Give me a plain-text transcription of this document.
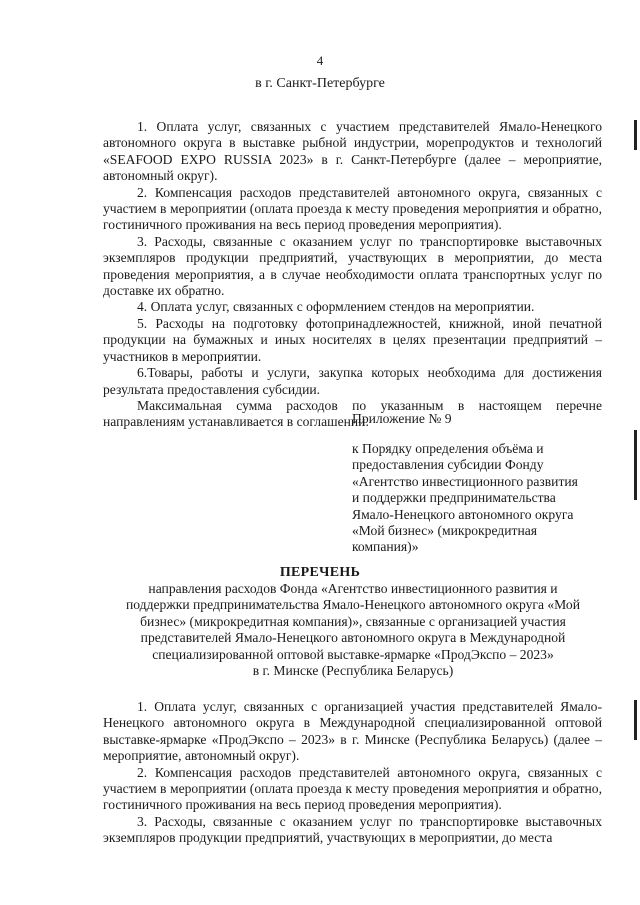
4
в г. Санкт-Петербурге

1. Оплата услуг, связанных с участием представителей Ямало-Ненецкого автономного округа в выставке рыбной индустрии, морепродуктов и технологий «SEAFOOD EXPO RUSSIA 2023» в г. Санкт-Петербурге (далее – мероприятие, автономный округ).

2. Компенсация расходов представителей автономного округа, связанных с участием в мероприятии (оплата проезда к месту проведения мероприятия и обратно, гостиничного проживания на весь период проведения мероприятия).

3. Расходы, связанные с оказанием услуг по транспортировке выставочных экземпляров продукции предприятий, участвующих в мероприятии, до места проведения мероприятия, а в случае необходимости оплата транспортных услуг по доставке их обратно.

4. Оплата услуг, связанных с оформлением стендов на мероприятии.

5. Расходы на подготовку фотопринадлежностей, книжной, иной печатной продукции на бумажных и иных носителях в целях презентации предприятий – участников в мероприятии.

6.Товары, работы и услуги, закупка которых необходима для достижения результата предоставления субсидии.

Максимальная сумма расходов по указанным в настоящем перечне направлениям устанавливается в соглашении.

Приложение № 9
к Порядку определения объёма и
предоставления субсидии Фонду
«Агентство инвестиционного развития
и поддержки предпринимательства
Ямало-Ненецкого автономного округа
«Мой бизнес» (микрокредитная
компания)»
ПЕРЕЧЕНЬ
направления расходов Фонда «Агентство инвестиционного развития и
поддержки предпринимательства Ямало-Ненецкого автономного округа «Мой
бизнес» (микрокредитная компания)», связанные с организацией участия
представителей Ямало-Ненецкого автономного округа в Международной
специализированной оптовой выставке-ярмарке «ПродЭкспо – 2023»
в г. Минске (Республика Беларусь)

1. Оплата услуг, связанных с организацией участия представителей Ямало-Ненецкого автономного округа в Международной специализированной оптовой выставке-ярмарке «ПродЭкспо – 2023» в г. Минске (Республика Беларусь) (далее – мероприятие, автономный округ).

2. Компенсация расходов представителей автономного округа, связанных с участием в мероприятии (оплата проезда к месту проведения мероприятия и обратно, гостиничного проживания на весь период проведения мероприятия).

3. Расходы, связанные с оказанием услуг по транспортировке выставочных экземпляров продукции предприятий, участвующих в мероприятии, до места
